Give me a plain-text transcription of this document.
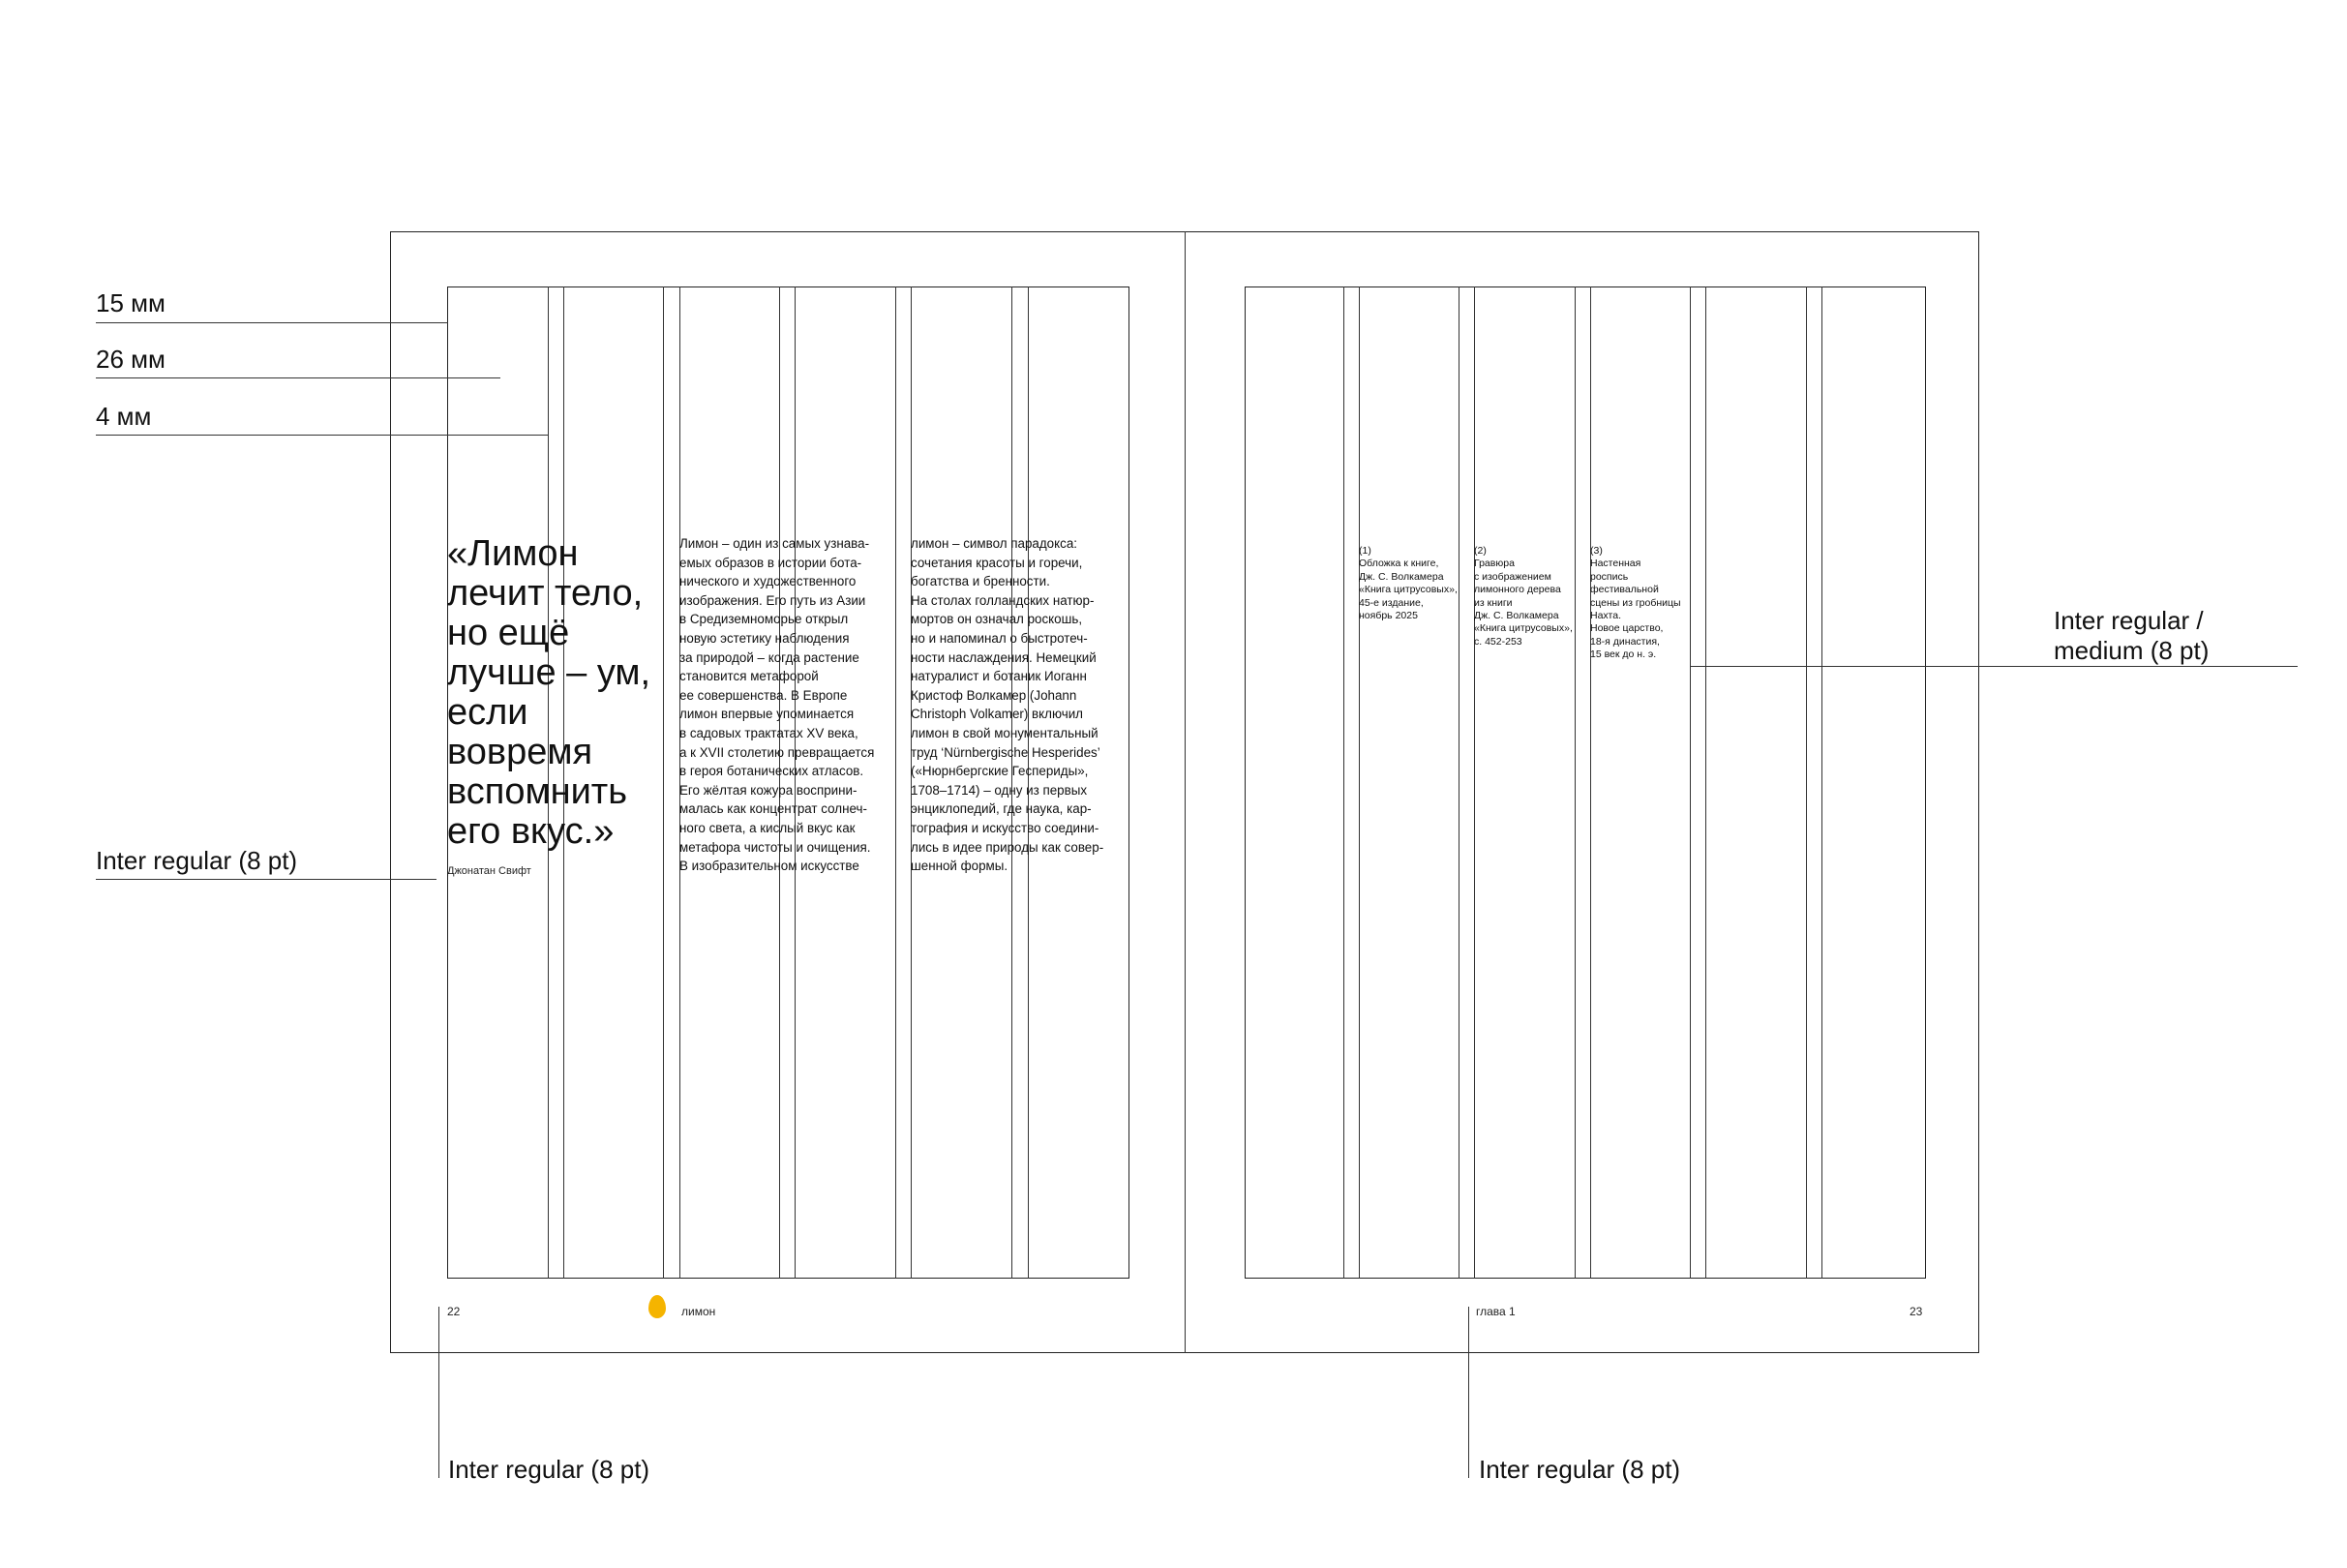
«Лимон лечит тело, но ещё лучше – ум, если вовремя вспомнить его вкус.»
Джонатан Свифт
Лимон – один из самых узнава-
емых образов в истории бота-
нического и художественного
изображения. Его путь из Азии
в Средиземноморье открыл
новую эстетику наблюдения
за природой – когда растение
становится метафорой
ее совершенства. В Европе
лимон впервые упоминается
в садовых трактатах XV века,
а к XVII столетию превращается
в героя ботанических атласов.
Его жёлтая кожура восприни-
малась как концентрат солнеч-
ного света, а кислый вкус как
метафора чистоты и очищения.
В изобразительном искусстве
лимон – символ парадокса:
сочетания красоты и горечи,
богатства и бренности.
На столах голландских натюр-
мортов он означал роскошь,
но и напоминал о быстротеч-
ности наслаждения. Немецкий
натуралист и ботаник Иоганн
Кристоф Волкамер (Johann
Christoph Volkamer) включил
лимон в свой монументальный
труд ‘Nürnbergische Hesperides’
(«Нюрнбергские Геспериды»,
1708–1714) – одну из первых
энциклопедий, где наука, кар-
тография и искусство соедини-
лись в идее природы как совер-
шенной формы.
(1)
Обложка к книге,
Дж. С. Волкамера
«Книга цитрусовых»,
45-е издание,
ноябрь 2025
(2)
Гравюра
с изображением
лимонного дерева
из книги
Дж. С. Волкамера
«Книга цитрусовых»,
с. 452-253
(3)
Настенная
роспись
фестивальной
сцены из гробницы
Нахта.
Новое царство,
18-я династия,
15 век до н. э.
22	лимон	глава 1	23
15 мм
26 мм
4 мм
Inter regular (8 pt)
Inter regular /
medium (8 pt)
Inter regular (8 pt)	Inter regular (8 pt)
